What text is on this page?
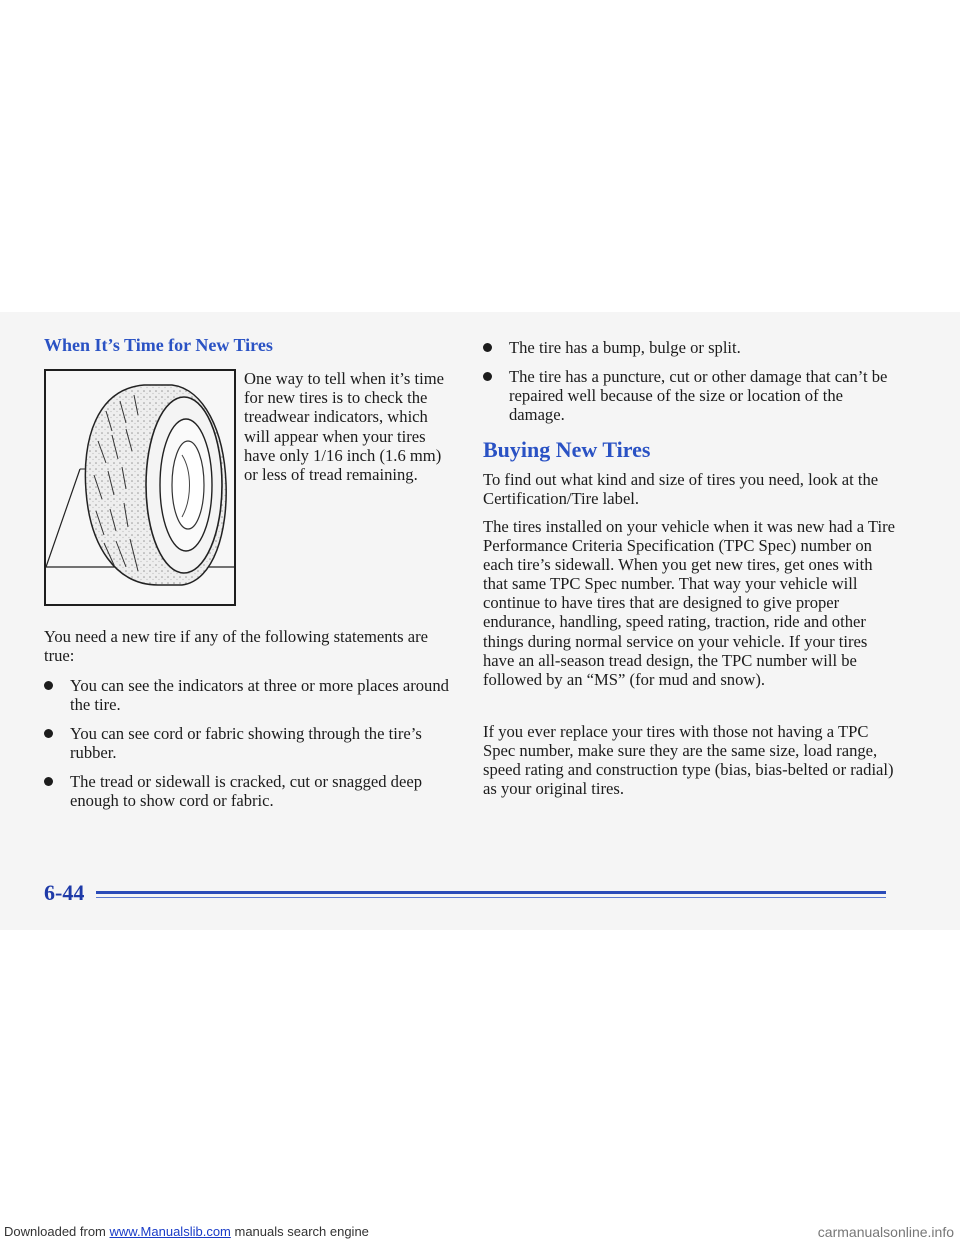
When It’s Time for New Tires
One way to tell when it’s time for new tires is to check the treadwear indicators, which will appear when your tires have only 1/16 inch (1.6 mm) or less of tread remaining.

You need a new tire if any of the following statements are true:

You can see the indicators at three or more places around the tire.
You can see cord or fabric showing through the tire’s rubber.
The tread or sidewall is cracked, cut or snagged deep enough to show cord or fabric.
The tire has a bump, bulge or split.
The tire has a puncture, cut or other damage that can’t be repaired well because of the size or location of the damage.
Buying New Tires

To find out what kind and size of tires you need, look at the Certification/Tire label.

The tires installed on your vehicle when it was new had a Tire Performance Criteria Specification (TPC Spec) number on each tire’s sidewall. When you get new tires, get ones with that same TPC Spec number. That way your vehicle will continue to have tires that are designed to give proper endurance, handling, speed rating, traction, ride and other things during normal service on your vehicle. If your tires have an all-season tread design, the TPC number will be followed by an “MS” (for mud and snow).

If you ever replace your tires with those not having a TPC Spec number, make sure they are the same size, load range, speed rating and construction type (bias, bias-belted or radial) as your original tires.

6-44
Downloaded from www.Manualslib.com manuals search engine	carmanualsonline.info
